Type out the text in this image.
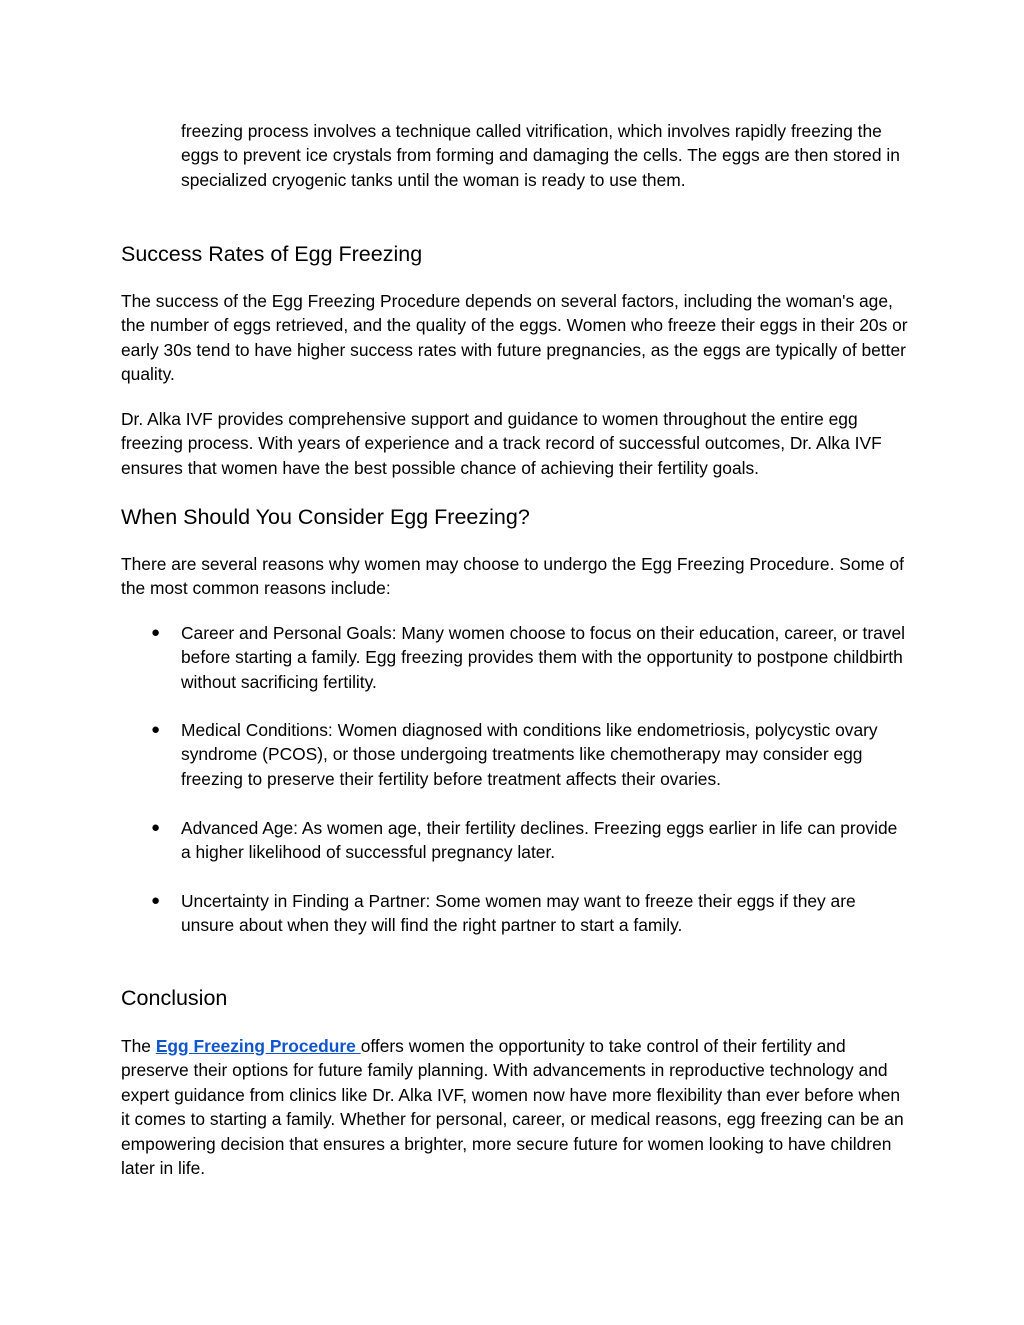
freezing process involves a technique called vitrification, which involves rapidly freezing the eggs to prevent ice crystals from forming and damaging the cells. The eggs are then stored in specialized cryogenic tanks until the woman is ready to use them.

Success Rates of Egg Freezing

The success of the Egg Freezing Procedure depends on several factors, including the woman's age, the number of eggs retrieved, and the quality of the eggs. Women who freeze their eggs in their 20s or early 30s tend to have higher success rates with future pregnancies, as the eggs are typically of better quality.

Dr. Alka IVF provides comprehensive support and guidance to women throughout the entire egg freezing process. With years of experience and a track record of successful outcomes, Dr. Alka IVF ensures that women have the best possible chance of achieving their fertility goals.

When Should You Consider Egg Freezing?

There are several reasons why women may choose to undergo the Egg Freezing Procedure. Some of the most common reasons include:

● Career and Personal Goals: Many women choose to focus on their education, career, or travel before starting a family. Egg freezing provides them with the opportunity to postpone childbirth without sacrificing fertility.

● Medical Conditions: Women diagnosed with conditions like endometriosis, polycystic ovary syndrome (PCOS), or those undergoing treatments like chemotherapy may consider egg freezing to preserve their fertility before treatment affects their ovaries.

● Advanced Age: As women age, their fertility declines. Freezing eggs earlier in life can provide a higher likelihood of successful pregnancy later.

● Uncertainty in Finding a Partner: Some women may want to freeze their eggs if they are unsure about when they will find the right partner to start a family.

Conclusion

The Egg Freezing Procedure offers women the opportunity to take control of their fertility and preserve their options for future family planning. With advancements in reproductive technology and expert guidance from clinics like Dr. Alka IVF, women now have more flexibility than ever before when it comes to starting a family. Whether for personal, career, or medical reasons, egg freezing can be an empowering decision that ensures a brighter, more secure future for women looking to have children later in life.
